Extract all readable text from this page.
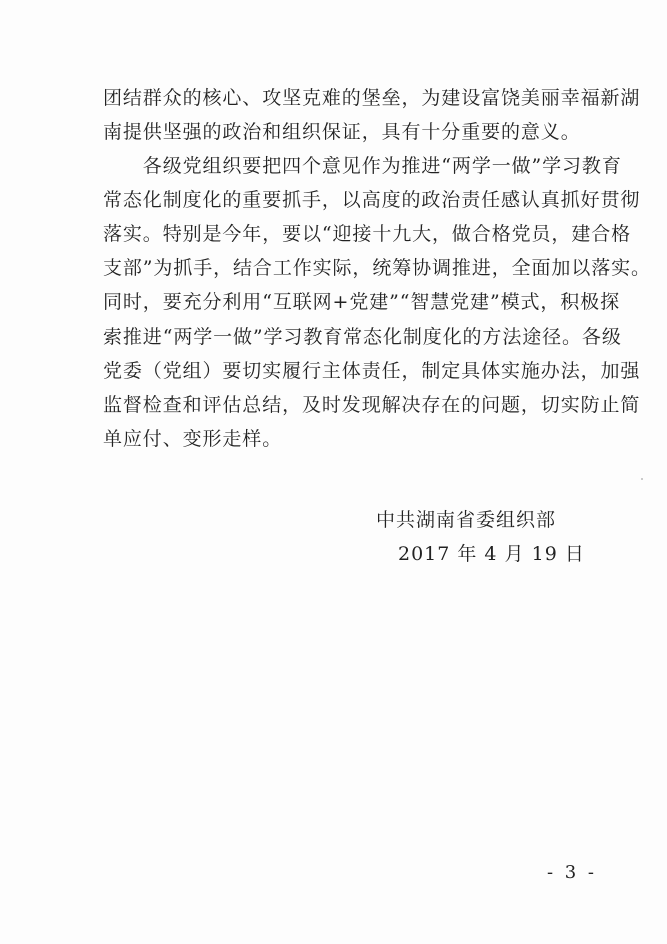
团结群众的核心、攻坚克难的堡垒，为建设富饶美丽幸福新湖
南提供坚强的政治和组织保证，具有十分重要的意义。
　　各级党组织要把四个意见作为推进“两学一做”学习教育
常态化制度化的重要抓手，以高度的政治责任感认真抓好贯彻
落实。特别是今年，要以“迎接十九大，做合格党员，建合格
支部”为抓手，结合工作实际，统筹协调推进，全面加以落实。
同时，要充分利用“互联网+党建”“智慧党建”模式，积极探
索推进“两学一做”学习教育常态化制度化的方法途径。各级
党委（党组）要切实履行主体责任，制定具体实施办法，加强
监督检查和评估总结，及时发现解决存在的问题，切实防止简
单应付、变形走样。
中共湖南省委组织部
2017 年 4 月 19 日
- 3 -
